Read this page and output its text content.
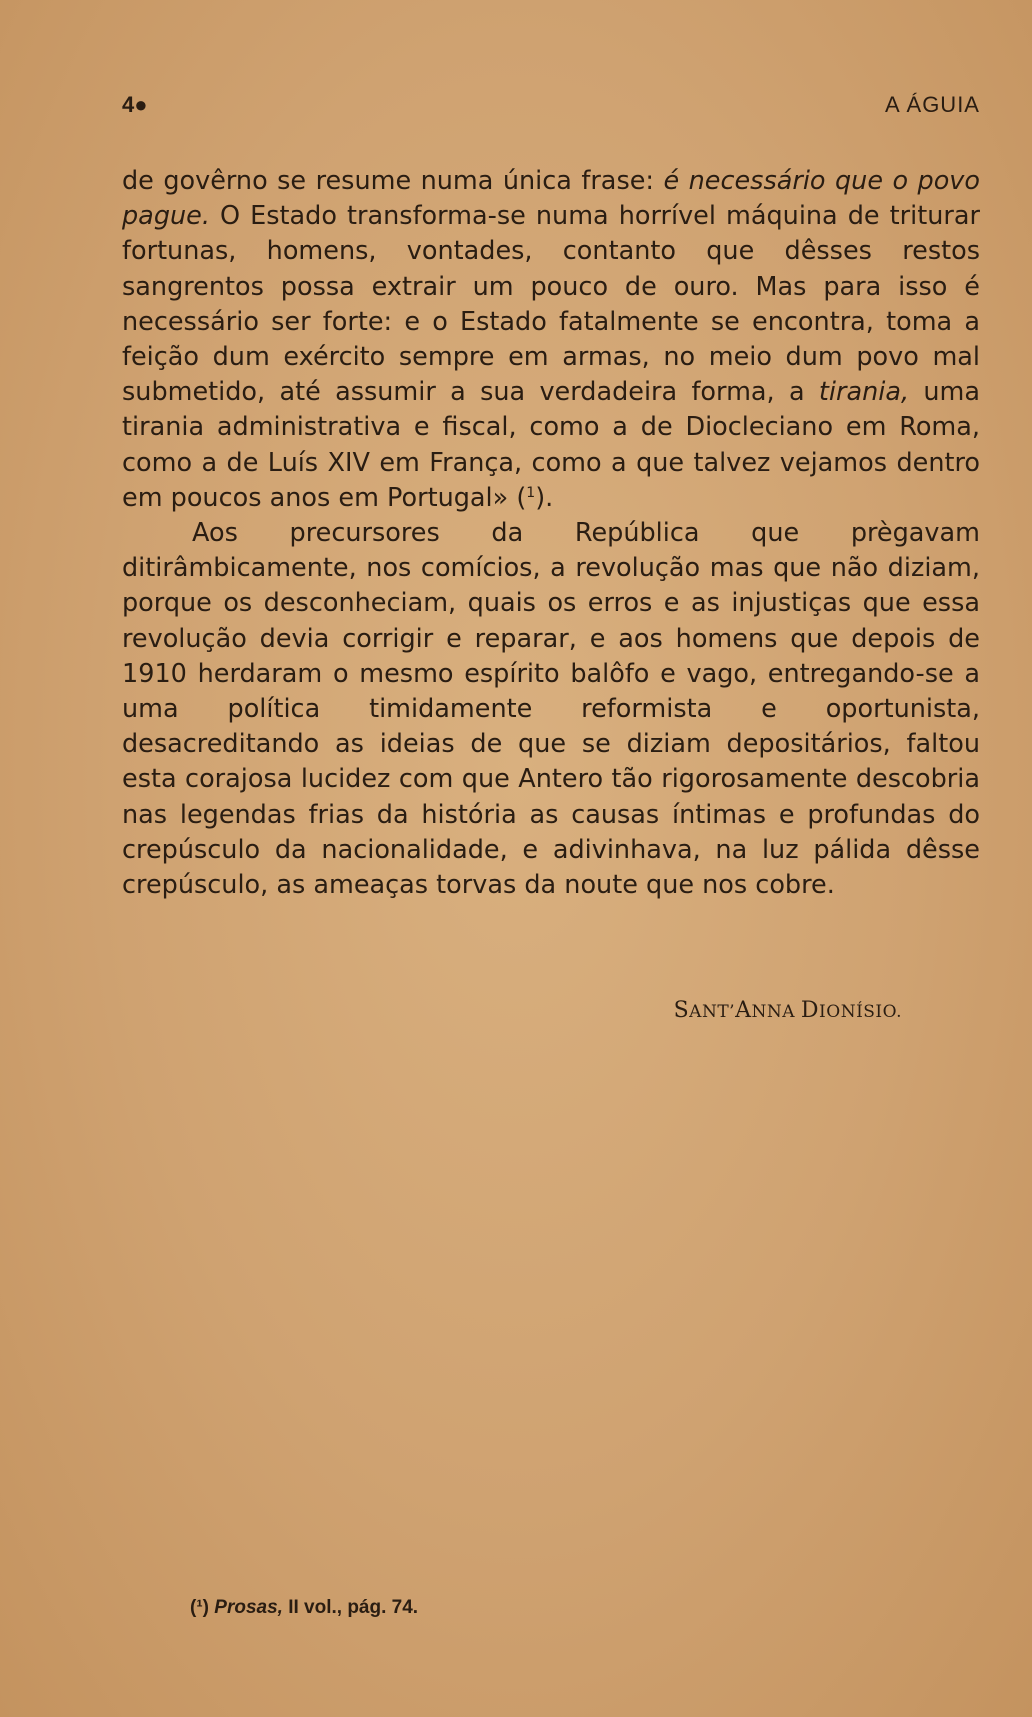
4●	A ÁGUIA

de govêrno se resume numa única frase: é necessário que o povo pague. O Estado transforma-se numa horrível máquina de triturar fortunas, homens, vontades, contanto que dêsses restos sangrentos possa extrair um pouco de ouro. Mas para isso é necessário ser forte: e o Estado fatalmente se encontra, toma a feição dum exército sempre em armas, no meio dum povo mal submetido, até assumir a sua verdadeira forma, a tirania, uma tirania administrativa e fiscal, como a de Diocleciano em Roma, como a de Luís XIV em França, como a que talvez vejamos dentro em poucos anos em Portugal» ($^1$).

Aos precursores da República que prègavam ditirâmbicamente, nos comícios, a revolução mas que não diziam, porque os desconheciam, quais os erros e as injustiças que essa revolução devia corrigir e reparar, e aos homens que depois de 1910 herdaram o mesmo espírito balôfo e vago, entregando-se a uma política timidamente reformista e oportunista, desacreditando as ideias de que se diziam depositários, faltou esta corajosa lucidez com que Antero tão rigorosamente descobria nas legendas frias da história as causas íntimas e profundas do crepúsculo da nacionalidade, e adivinhava, na luz pálida dêsse crepúsculo, as ameaças torvas da noute que nos cobre.

SANT’ANNA DIONÍSIO.
(¹) Prosas, II vol., pág. 74.
